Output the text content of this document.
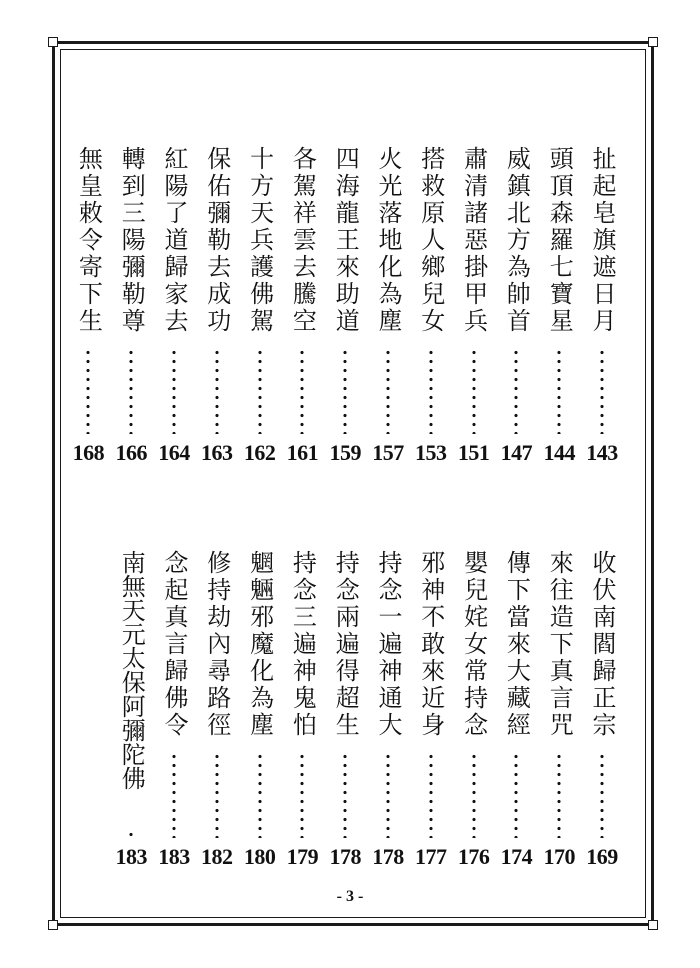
扯起皂旗遮日月
143
頭頂森羅七寶星
144
威鎮北方為帥首
147
肅清諸惡掛甲兵
151
搭救原人鄉兒女
153
火光落地化為塵
157
四海龍王來助道
159
各駕祥雲去騰空
161
十方天兵護佛駕
162
保佑彌勒去成功
163
紅陽了道歸家去
164
轉到三陽彌勒尊
166
無皇敕令寄下生
168
收伏南閻歸正宗
169
來往造下真言咒
170
傳下當來大藏經
174
嬰兒姹女常持念
176
邪神不敢來近身
177
持念一遍神通大
178
持念兩遍得超生
178
持念三遍神鬼怕
179
魍魎邪魔化為塵
180
修持劫內尋路徑
182
念起真言歸佛令
183
南無天元太保阿彌陀佛
183
- 3 -
